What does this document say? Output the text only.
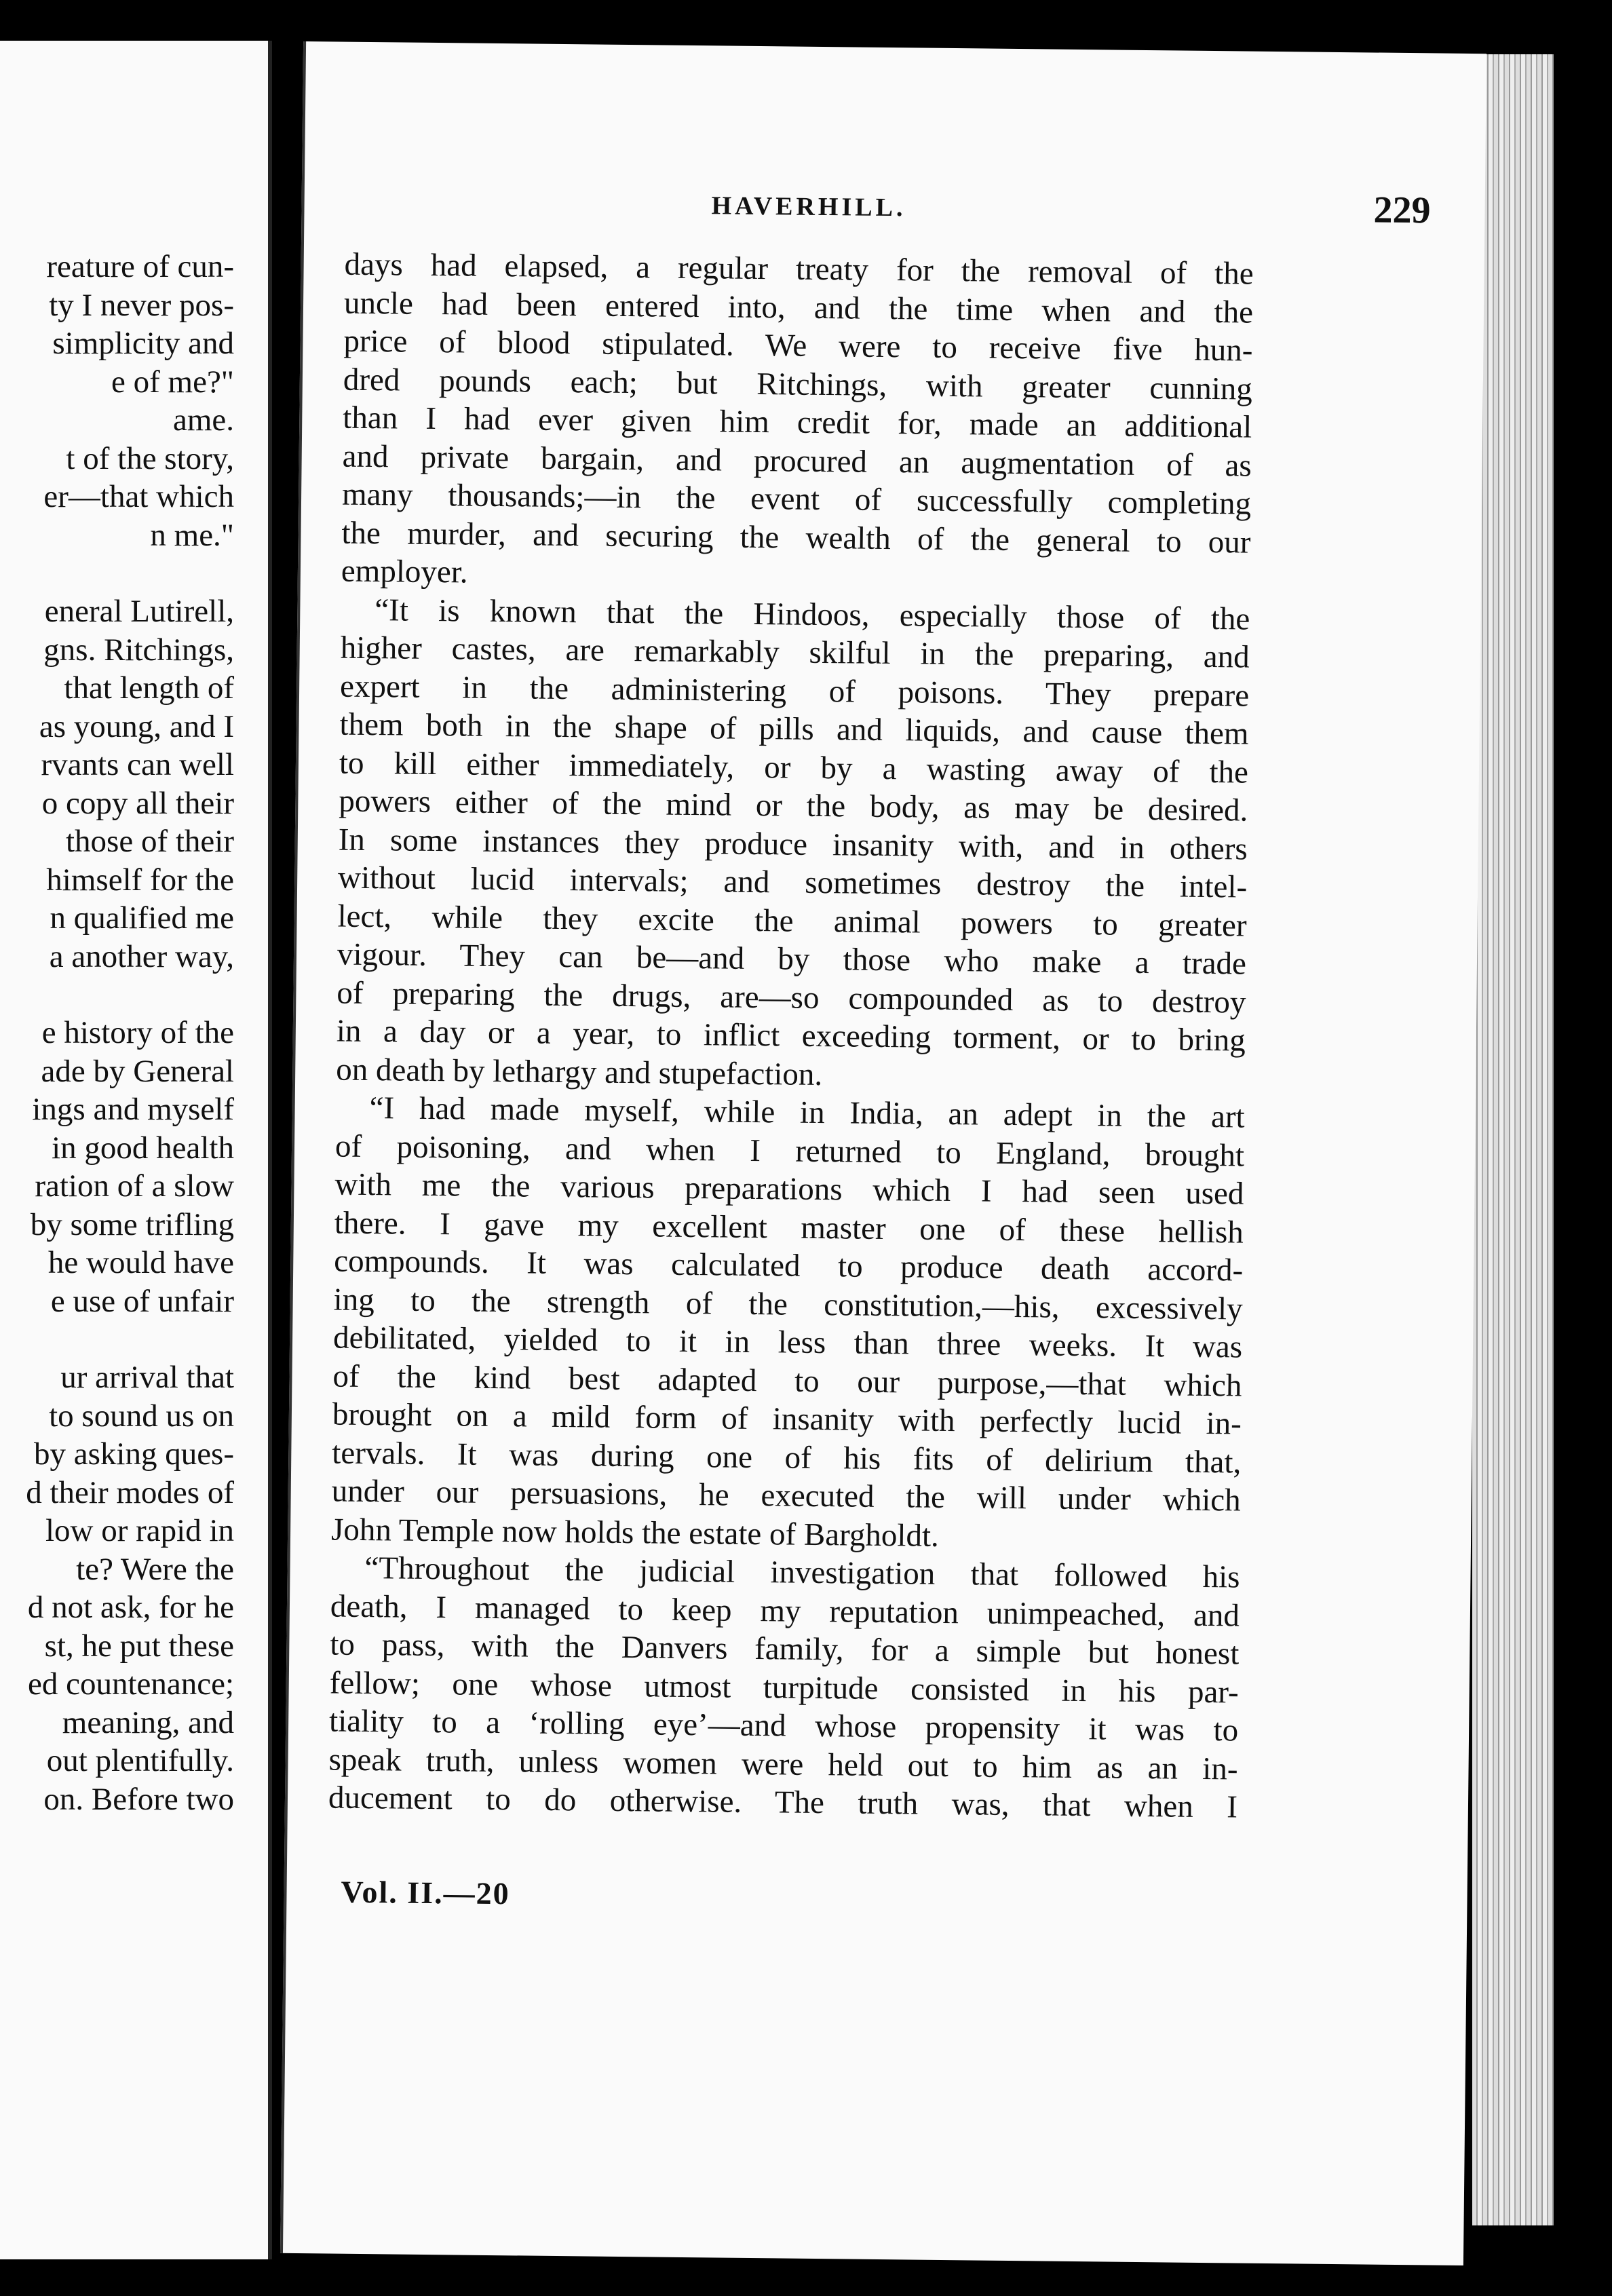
reature of cun-
ty I never pos-
simplicity and
e of me?"
ame.
t of the story,
er—that which
n me."
eneral Lutirell,
gns. Ritchings,
that length of
as young, and I
rvants can well
o copy all their
those of their
himself for the
n qualified me
a another way,
e history of the
ade by General
ings and myself
in good health
ration of a slow
by some trifling
he would have
e use of unfair
ur arrival that
to sound us on
by asking ques-
d their modes of
low or rapid in
te? Were the
d not ask, for he
st, he put these
ed countenance;
meaning, and
out plentifully.
on. Before two
HAVERHILL.	229
days had elapsed, a regular treaty for the removal of the
uncle had been entered into, and the time when and the
price of blood stipulated. We were to receive five hun-
dred pounds each; but Ritchings, with greater cunning
than I had ever given him credit for, made an additional
and private bargain, and procured an augmentation of as
many thousands;—in the event of successfully completing
the murder, and securing the wealth of the general to our
employer.
“It is known that the Hindoos, especially those of the
higher castes, are remarkably skilful in the preparing, and
expert in the administering of poisons. They prepare
them both in the shape of pills and liquids, and cause them
to kill either immediately, or by a wasting away of the
powers either of the mind or the body, as may be desired.
In some instances they produce insanity with, and in others
without lucid intervals; and sometimes destroy the intel-
lect, while they excite the animal powers to greater
vigour. They can be—and by those who make a trade
of preparing the drugs, are—so compounded as to destroy
in a day or a year, to inflict exceeding torment, or to bring
on death by lethargy and stupefaction.
“I had made myself, while in India, an adept in the art
of poisoning, and when I returned to England, brought
with me the various preparations which I had seen used
there. I gave my excellent master one of these hellish
compounds. It was calculated to produce death accord-
ing to the strength of the constitution,—his, excessively
debilitated, yielded to it in less than three weeks. It was
of the kind best adapted to our purpose,—that which
brought on a mild form of insanity with perfectly lucid in-
tervals. It was during one of his fits of delirium that,
under our persuasions, he executed the will under which
John Temple now holds the estate of Bargholdt.
“Throughout the judicial investigation that followed his
death, I managed to keep my reputation unimpeached, and
to pass, with the Danvers family, for a simple but honest
fellow; one whose utmost turpitude consisted in his par-
tiality to a ‘rolling eye’—and whose propensity it was to
speak truth, unless women were held out to him as an in-
ducement to do otherwise. The truth was, that when I
Vol. II.—20
